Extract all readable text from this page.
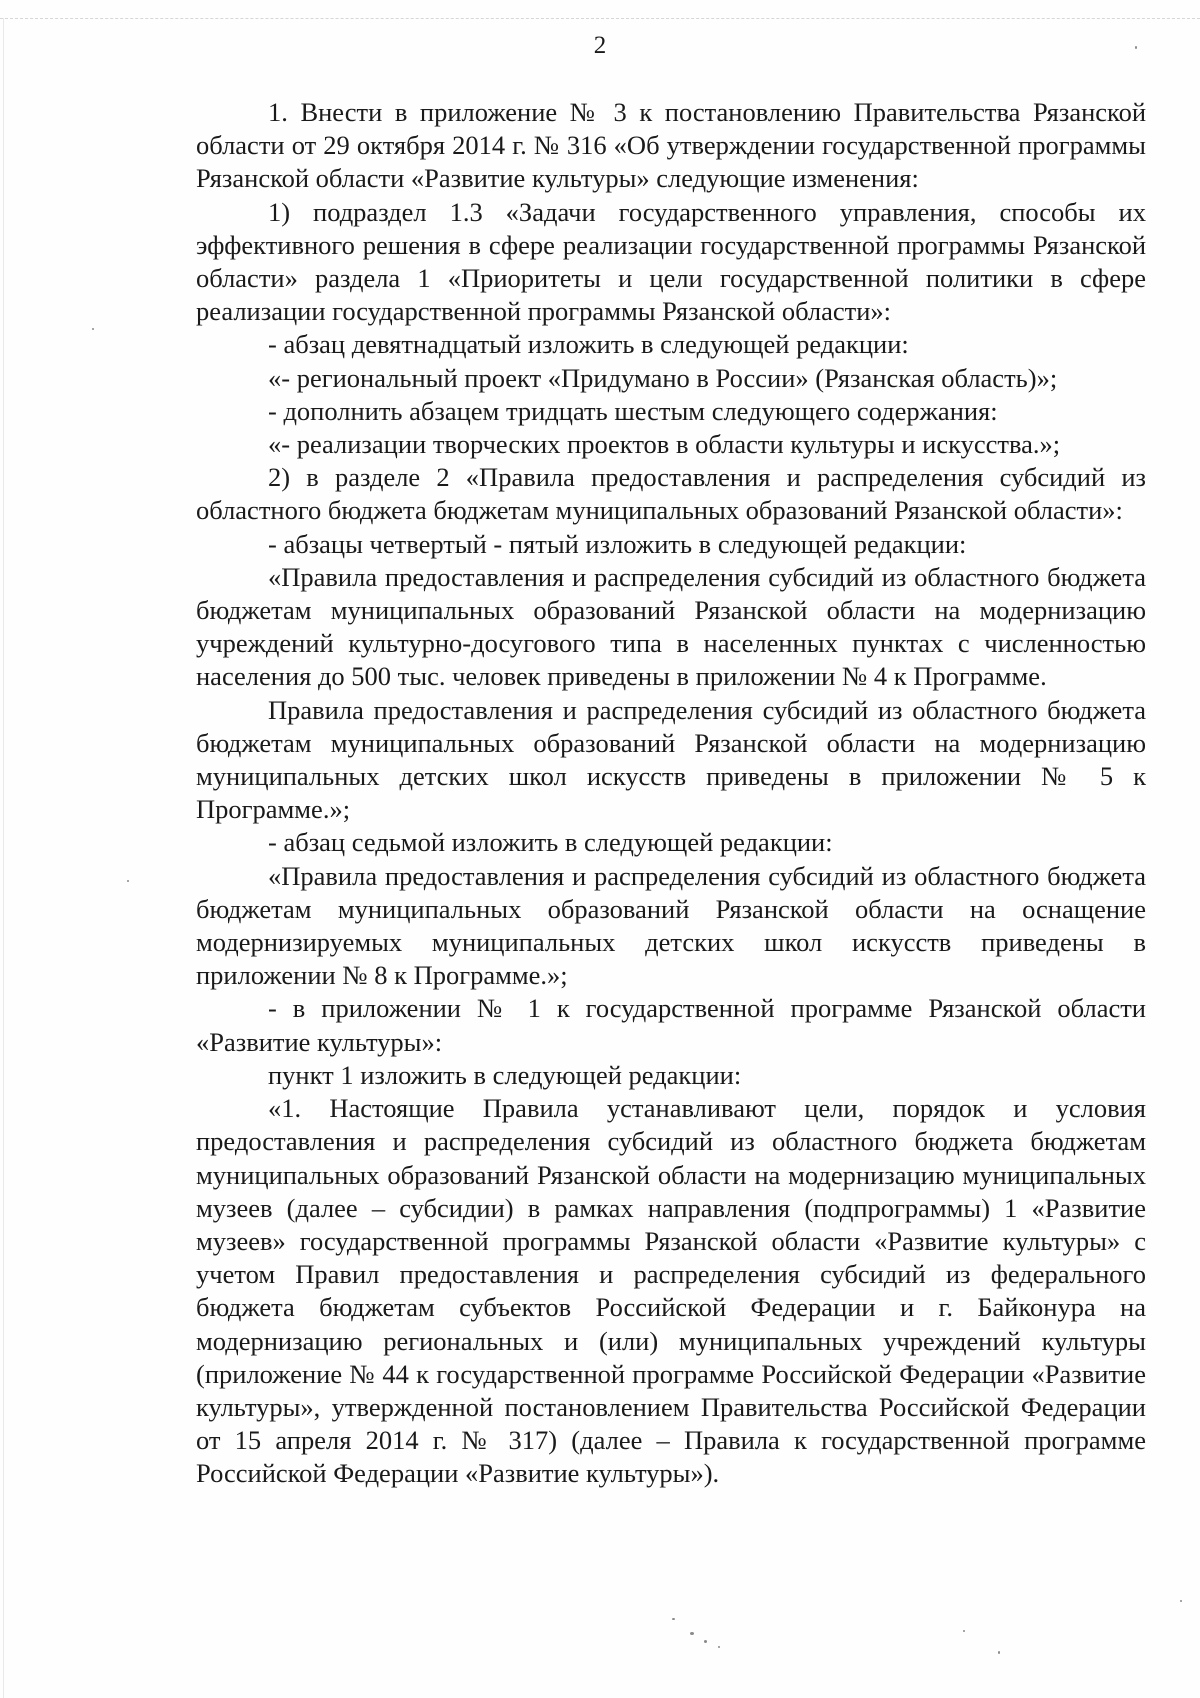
2

1. Внести в приложение № 3 к постановлению Правительства Рязанской области от 29 октября 2014 г. № 316 «Об утверждении государственной программы Рязанской области «Развитие культуры» следующие изменения:

1) подраздел 1.3 «Задачи государственного управления, способы их эффективного решения в сфере реализации государственной программы Рязанской области» раздела 1 «Приоритеты и цели государственной политики в сфере реализации государственной программы Рязанской области»:

- абзац девятнадцатый изложить в следующей редакции:

«- региональный проект «Придумано в России» (Рязанская область)»;

- дополнить абзацем тридцать шестым следующего содержания:

«- реализации творческих проектов в области культуры и искусства.»;

2) в разделе 2 «Правила предоставления и распределения субсидий из областного бюджета бюджетам муниципальных образований Рязанской области»:

- абзацы четвертый - пятый изложить в следующей редакции:

«Правила предоставления и распределения субсидий из областного бюджета бюджетам муниципальных образований Рязанской области на модернизацию учреждений культурно-досугового типа в населенных пунктах с численностью населения до 500 тыс. человек приведены в приложении № 4 к Программе.

Правила предоставления и распределения субсидий из областного бюджета бюджетам муниципальных образований Рязанской области на модернизацию муниципальных детских школ искусств приведены в приложении № 5 к Программе.»;

- абзац седьмой изложить в следующей редакции:

«Правила предоставления и распределения субсидий из областного бюджета бюджетам муниципальных образований Рязанской области на оснащение модернизируемых муниципальных детских школ искусств приведены в приложении № 8 к Программе.»;

- в приложении № 1 к государственной программе Рязанской области «Развитие культуры»:

пункт 1 изложить в следующей редакции:

«1. Настоящие Правила устанавливают цели, порядок и условия предоставления и распределения субсидий из областного бюджета бюджетам муниципальных образований Рязанской области на модернизацию муниципальных музеев (далее – субсидии) в рамках направления (подпрограммы) 1 «Развитие музеев» государственной программы Рязанской области «Развитие культуры» с учетом Правил предоставления и распределения субсидий из федерального бюджета бюджетам субъектов Российской Федерации и г. Байконура на модернизацию региональных и (или) муниципальных учреждений культуры (приложение № 44 к государственной программе Российской Федерации «Развитие культуры», утвержденной постановлением Правительства Российской Федерации от 15 апреля 2014 г. № 317) (далее – Правила к государственной программе Российской Федерации «Развитие культуры»).
